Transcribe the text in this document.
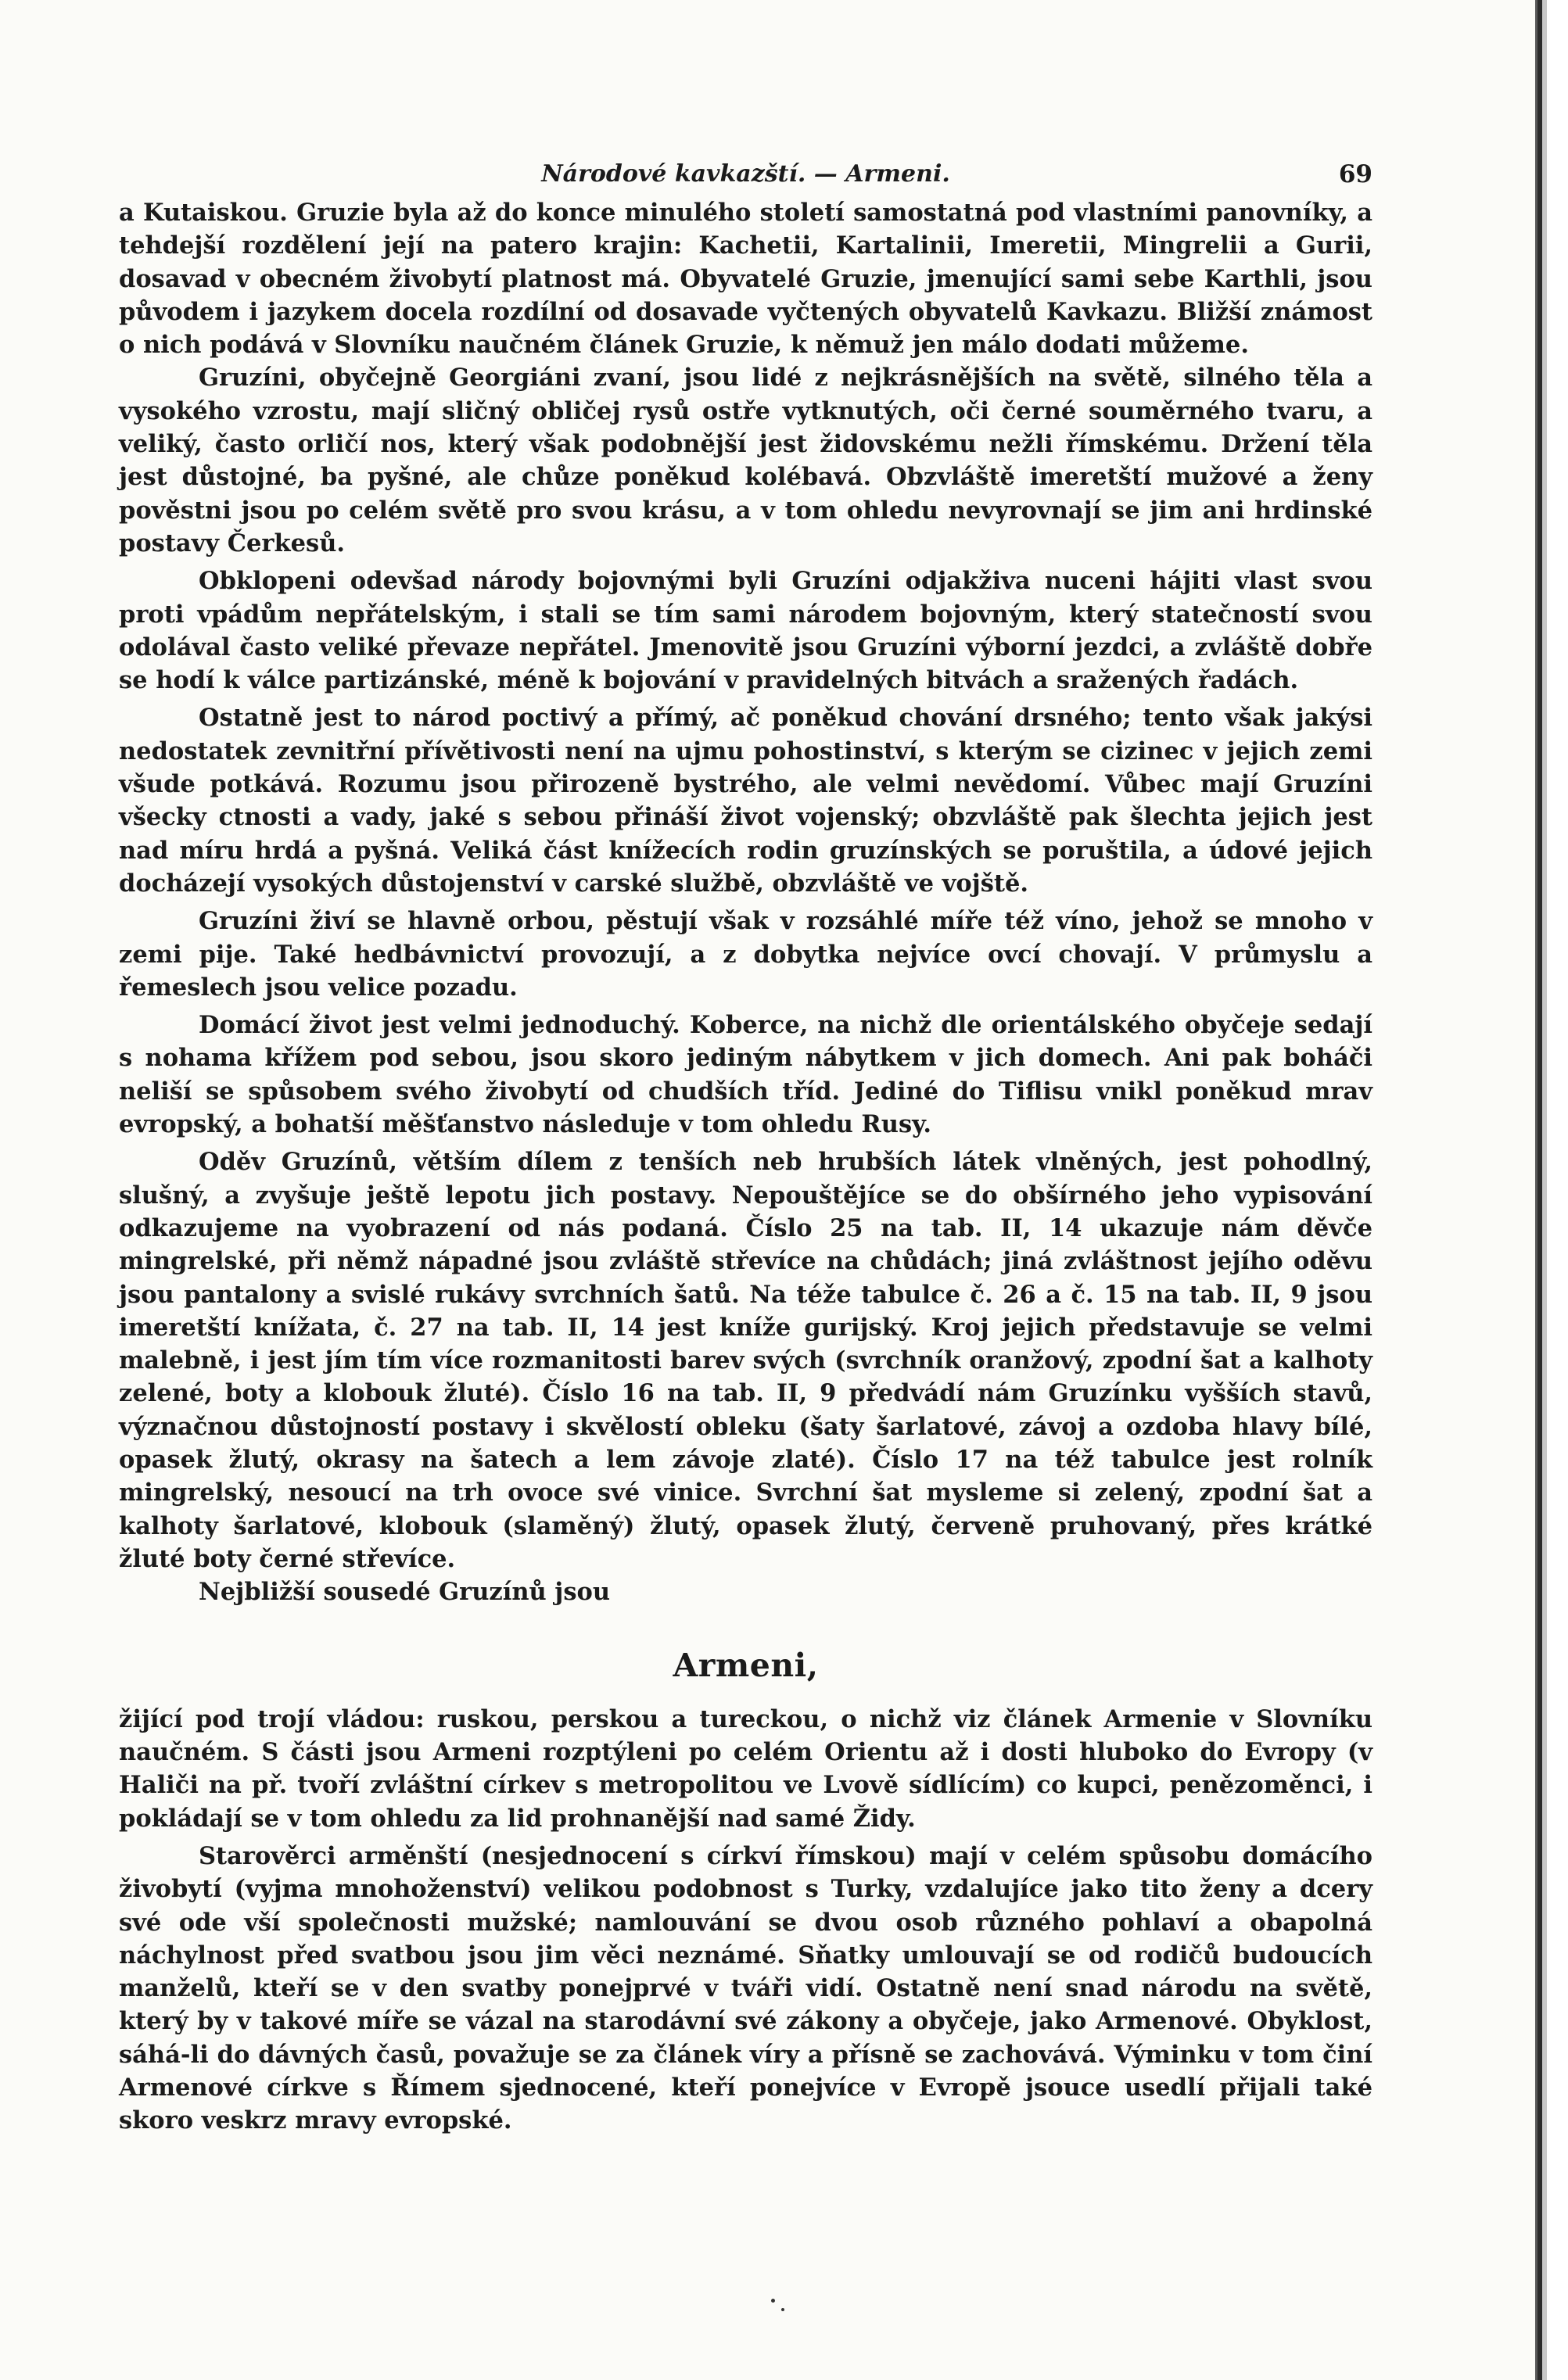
Národové kavkazští. — Armeni.	69

a Kutaiskou. Gruzie byla až do konce minulého století samostatná pod vlastními panovníky, a tehdejší rozdělení její na patero krajin: Kachetii, Kartalinii, Imeretii, Mingrelii a Gurii, dosavad v obecném živobytí platnost má. Obyvatelé Gruzie, jmenující sami sebe Karthli, jsou původem i jazykem docela rozdílní od dosavade vyčtených obyvatelů Kavkazu. Bližší známost o nich podává v Slovníku naučném článek Gruzie, k němuž jen málo dodati můžeme.

Gruzíni, obyčejně Georgiáni zvaní, jsou lidé z nejkrásnějších na světě, silného těla a vysokého vzrostu, mají sličný obličej rysů ostře vytknutých, oči černé souměrného tvaru, a veliký, často orličí nos, který však podobnější jest židovskému nežli římskému. Držení těla jest důstojné, ba pyšné, ale chůze poněkud kolébavá. Obzvláště imeretští mužové a ženy pověstni jsou po celém světě pro svou krásu, a v tom ohledu nevyrovnají se jim ani hrdinské postavy Čerkesů.

Obklopeni odevšad národy bojovnými byli Gruzíni odjakživa nuceni hájiti vlast svou proti vpádům nepřátelským, i stali se tím sami národem bojovným, který statečností svou odolával často veliké převaze nepřátel. Jmenovitě jsou Gruzíni výborní jezdci, a zvláště dobře se hodí k válce partizánské, méně k bojování v pravidelných bitvách a sražených řadách.

Ostatně jest to národ poctivý a přímý, ač poněkud chování drsného; tento však jakýsi nedostatek zevnitřní přívětivosti není na ujmu pohostinství, s kterým se cizinec v jejich zemi všude potkává. Rozumu jsou přirozeně bystrého, ale velmi nevědomí. Vůbec mají Gruzíni všecky ctnosti a vady, jaké s sebou přináší život vojenský; obzvláště pak šlechta jejich jest nad míru hrdá a pyšná. Veliká část knížecích rodin gruzínských se poruštila, a údové jejich docházejí vysokých důstojenství v carské službě, obzvláště ve vojště.

Gruzíni živí se hlavně orbou, pěstují však v rozsáhlé míře též víno, jehož se mnoho v zemi pije. Také hedbávnictví provozují, a z dobytka nejvíce ovcí chovají. V průmyslu a řemeslech jsou velice pozadu.

Domácí život jest velmi jednoduchý. Koberce, na nichž dle orientálského obyčeje sedají s nohama křížem pod sebou, jsou skoro jediným nábytkem v jich domech. Ani pak boháči neliší se spůsobem svého živobytí od chudších tříd. Jediné do Tiflisu vnikl poněkud mrav evropský, a bohatší měšťanstvo následuje v tom ohledu Rusy.

Oděv Gruzínů, větším dílem z tenších neb hrubších látek vlněných, jest pohodlný, slušný, a zvyšuje ještě lepotu jich postavy. Nepouštějíce se do obšírného jeho vypisování odkazujeme na vyobrazení od nás podaná. Číslo 25 na tab. II, 14 ukazuje nám děvče mingrelské, při němž nápadné jsou zvláště střevíce na chůdách; jiná zvláštnost jejího oděvu jsou pantalony a svislé rukávy svrchních šatů. Na téže tabulce č. 26 a č. 15 na tab. II, 9 jsou imeretští knížata, č. 27 na tab. II, 14 jest kníže gurijský. Kroj jejich představuje se velmi malebně, i jest jím tím více rozmanitosti barev svých (svrchník oranžový, zpodní šat a kalhoty zelené, boty a klobouk žluté). Číslo 16 na tab. II, 9 předvádí nám Gruzínku vyšších stavů, význačnou důstojností postavy i skvělostí obleku (šaty šarlatové, závoj a ozdoba hlavy bílé, opasek žlutý, okrasy na šatech a lem závoje zlaté). Číslo 17 na též tabulce jest rolník mingrelský, nesoucí na trh ovoce své vinice. Svrchní šat mysleme si zelený, zpodní šat a kalhoty šarlatové, klobouk (slaměný) žlutý, opasek žlutý, červeně pruhovaný, přes krátké žluté boty černé střevíce.

Nejbližší sousedé Gruzínů jsou

Armeni,

žijící pod trojí vládou: ruskou, perskou a tureckou, o nichž viz článek Armenie v Slovníku naučném. S části jsou Armeni rozptýleni po celém Orientu až i dosti hluboko do Evropy (v Haliči na př. tvoří zvláštní církev s metropolitou ve Lvově sídlícím) co kupci, penězoměnci, i pokládají se v tom ohledu za lid prohnanější nad samé Židy.

Starověrci arměnští (nesjednocení s církví římskou) mají v celém spůsobu domácího živobytí (vyjma mnohoženství) velikou podobnost s Turky, vzdalujíce jako tito ženy a dcery své ode vší společnosti mužské; namlouvání se dvou osob různého pohlaví a obapolná náchylnost před svatbou jsou jim věci neznámé. Sňatky umlouvají se od rodičů budoucích manželů, kteří se v den svatby ponejprvé v tváři vidí. Ostatně není snad národu na světě, který by v takové míře se vázal na starodávní své zákony a obyčeje, jako Armenové. Obyklost, sáhá-li do dávných časů, považuje se za článek víry a přísně se zachovává. Výminku v tom činí Armenové církve s Římem sjednocené, kteří ponejvíce v Evropě jsouce usedlí přijali také skoro veskrz mravy evropské.
